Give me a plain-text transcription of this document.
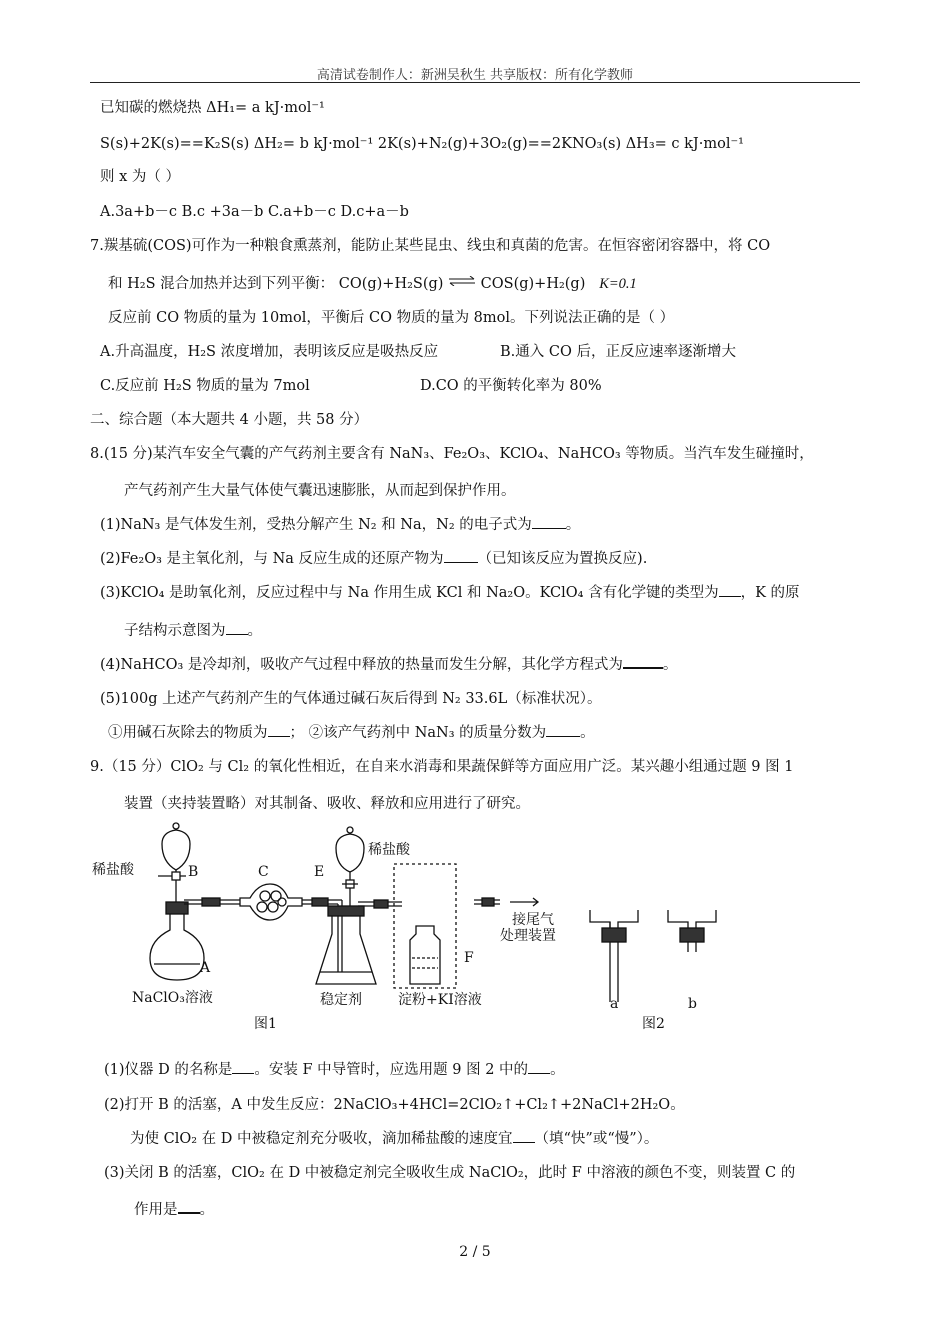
高清试卷制作人：新洲吴秋生 共享版权：所有化学教师
已知碳的燃烧热 ΔH₁= a kJ·mol⁻¹
S(s)+2K(s)==K₂S(s) ΔH₂= b kJ·mol⁻¹ 2K(s)+N₂(g)+3O₂(g)==2KNO₃(s) ΔH₃= c kJ·mol⁻¹
则 x 为（ ）
A.3a+b－c B.c +3a－b C.a+b－c D.c+a－b
7.羰基硫(COS)可作为一种粮食熏蒸剂，能防止某些昆虫、线虫和真菌的危害。在恒容密闭容器中，将 CO
和 H₂S 混合加热并达到下列平衡： CO(g)+H₂S(g) ⇌ COS(g)+H₂(g) K=0.1
反应前 CO 物质的量为 10mol，平衡后 CO 物质的量为 8mol。下列说法正确的是（ ）
A.升高温度，H₂S 浓度增加，表明该反应是吸热反应	B.通入 CO 后，正反应速率逐渐增大
C.反应前 H₂S 物质的量为 7mol	D.CO 的平衡转化率为 80%
二、综合题（本大题共 4 小题，共 58 分）
8.(15 分)某汽车安全气囊的产气药剂主要含有 NaN₃、Fe₂O₃、KClO₄、NaHCO₃ 等物质。当汽车发生碰撞时，
产气药剂产生大量气体使气囊迅速膨胀，从而起到保护作用。
(1)NaN₃ 是气体发生剂，受热分解产生 N₂ 和 Na，N₂ 的电子式为 。
(2)Fe₂O₃ 是主氧化剂，与 Na 反应生成的还原产物为 （已知该反应为置换反应).
(3)KClO₄ 是助氧化剂，反应过程中与 Na 作用生成 KCl 和 Na₂O。KClO₄ 含有化学键的类型为 ，K 的原
子结构示意图为 。
(4)NaHCO₃ 是冷却剂，吸收产气过程中释放的热量而发生分解，其化学方程式为	。
(5)100g 上述产气药剂产生的气体通过碱石灰后得到 N₂ 33.6L（标准状况）。
①用碱石灰除去的物质为 ； ②该产气药剂中 NaN₃ 的质量分数为 。
9.（15 分）ClO₂ 与 Cl₂ 的氧化性相近，在自来水消毒和果蔬保鲜等方面应用广泛。某兴趣小组通过题 9 图 1
装置（夹持装置略）对其制备、吸收、释放和应用进行了研究。
稀盐酸	B	C	E
稀盐酸
A
NaClO₃溶液	稳定剂
F
淀粉+KI溶液
接尾气
处理装置
a	b
图1	图2
(1)仪器 D 的名称是 。安装 F 中导管时，应选用题 9 图 2 中的 。
(2)打开 B 的活塞，A 中发生反应：2NaClO₃+4HCl=2ClO₂↑+Cl₂↑+2NaCl+2H₂O。
为使 ClO₂ 在 D 中被稳定剂充分吸收，滴加稀盐酸的速度宜 （填“快”或“慢”）。
(3)关闭 B 的活塞，ClO₂ 在 D 中被稳定剂完全吸收生成 NaClO₂，此时 F 中溶液的颜色不变，则装置 C 的
作用是 。
2 / 5
